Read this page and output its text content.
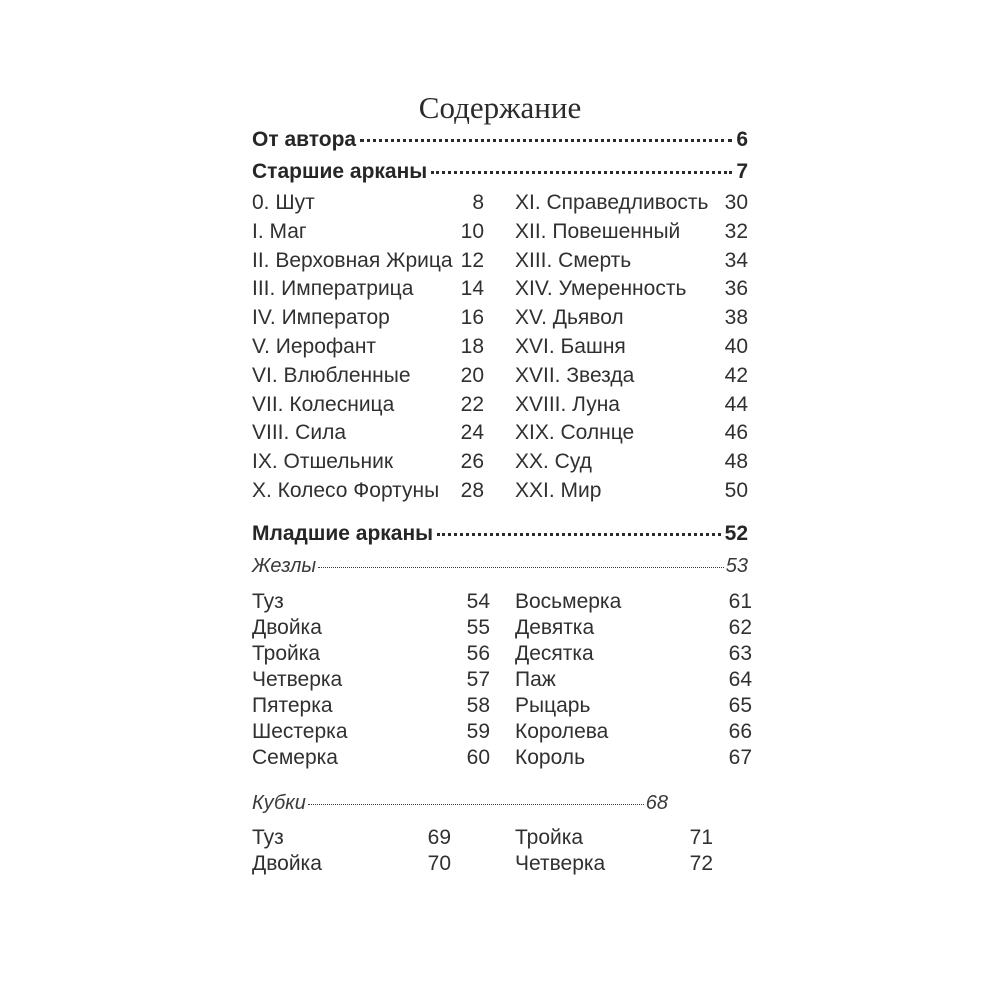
Содержание
От автора	6
Старшие арканы	7
0. Шут	8
I. Маг	10
II. Верховная Жрица 12
III. Императрица	14
IV. Император	16
V. Иерофант	18
VI. Влюбленные	20
VII. Колесница	22
VIII. Сила	24
IX. Отшельник	26
X. Колесо Фортуны	28
XI. Справедливость 30
XII. Повешенный	32
XIII. Смерть	34
XIV. Умеренность	36
XV. Дьявол	38
XVI. Башня	40
XVII. Звезда	42
XVIII. Луна	44
XIX. Солнце	46
XX. Суд	48
XXI. Мир	50
Младшие арканы	52
Жезлы	53
Туз	54
Двойка	55
Тройка	56
Четверка	57
Пятерка	58
Шестерка	59
Семерка	60
Восьмерка	61
Девятка	62
Десятка	63
Паж	64
Рыцарь	65
Королева	66
Король	67
Кубки	68
Туз	69
Двойка	70
Тройка	71
Четверка	72
